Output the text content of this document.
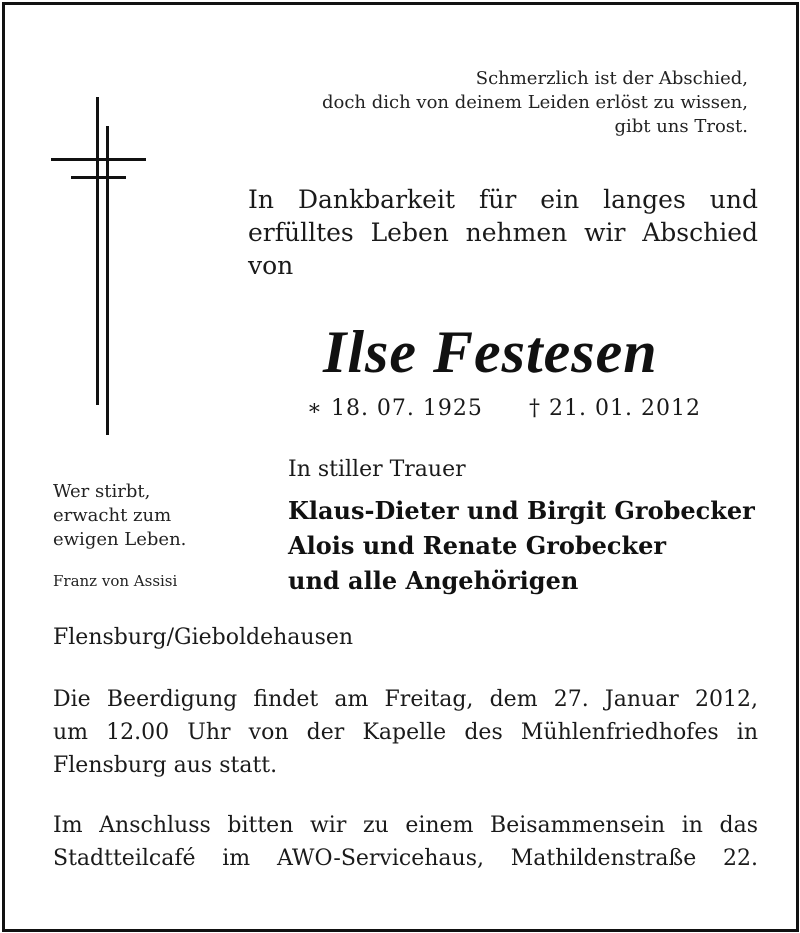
Schmerzlich ist der Abschied,
doch dich von deinem Leiden erlöst zu wissen,
gibt uns Trost.
In Dankbarkeit für ein langes und
erfülltes Leben nehmen wir Abschied
von
Ilse Festesen
∗ 18. 07. 1925 † 21. 01. 2012
In stiller Trauer
Klaus-Dieter und Birgit Grobecker
Alois und Renate Grobecker
und alle Angehörigen
Wer stirbt,
erwacht zum
ewigen Leben.
Franz von Assisi
Flensburg/Gieboldehausen
Die Beerdigung findet am Freitag, dem 27. Januar 2012,
um 12.00 Uhr von der Kapelle des Mühlenfriedhofes in
Flensburg aus statt.
Im Anschluss bitten wir zu einem Beisammensein in das
Stadtteilcafé im AWO-Servicehaus, Mathildenstraße 22.
